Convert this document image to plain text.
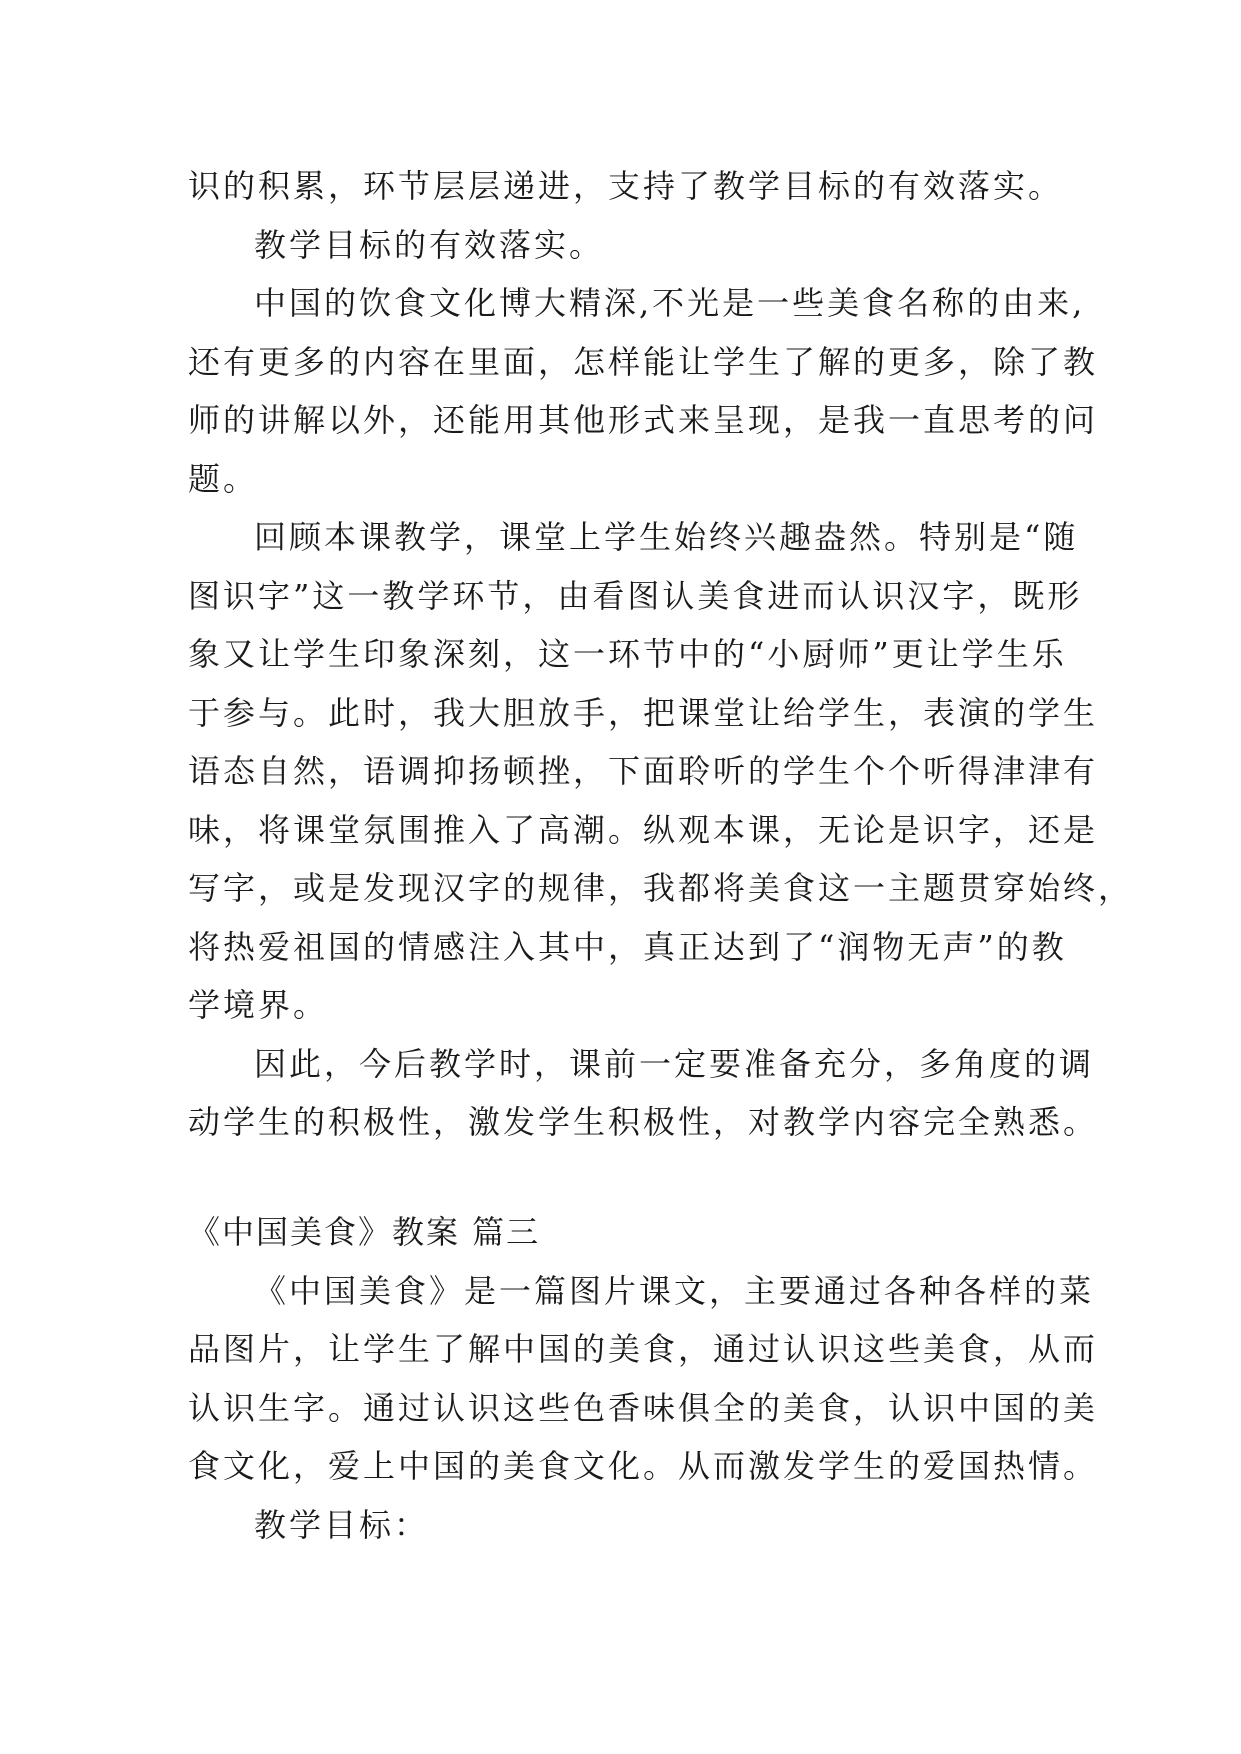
识的积累，环节层层递进，支持了教学目标的有效落实。
教学目标的有效落实。
中国的饮食文化博大精深,不光是一些美食名称的由来,
还有更多的内容在里面，怎样能让学生了解的更多，除了教
师的讲解以外，还能用其他形式来呈现，是我一直思考的问
题。
回顾本课教学，课堂上学生始终兴趣盎然。特别是“随
图识字”这一教学环节，由看图认美食进而认识汉字，既形
象又让学生印象深刻，这一环节中的“小厨师”更让学生乐
于参与。此时，我大胆放手，把课堂让给学生，表演的学生
语态自然，语调抑扬顿挫，下面聆听的学生个个听得津津有
味，将课堂氛围推入了高潮。纵观本课，无论是识字，还是
写字，或是发现汉字的规律，我都将美食这一主题贯穿始终，
将热爱祖国的情感注入其中，真正达到了“润物无声”的教
学境界。
因此，今后教学时，课前一定要准备充分，多角度的调
动学生的积极性，激发学生积极性，对教学内容完全熟悉。
《中国美食》教案 篇三
《中国美食》是一篇图片课文，主要通过各种各样的菜
品图片，让学生了解中国的美食，通过认识这些美食，从而
认识生字。通过认识这些色香味俱全的美食，认识中国的美
食文化，爱上中国的美食文化。从而激发学生的爱国热情。
教学目标：
